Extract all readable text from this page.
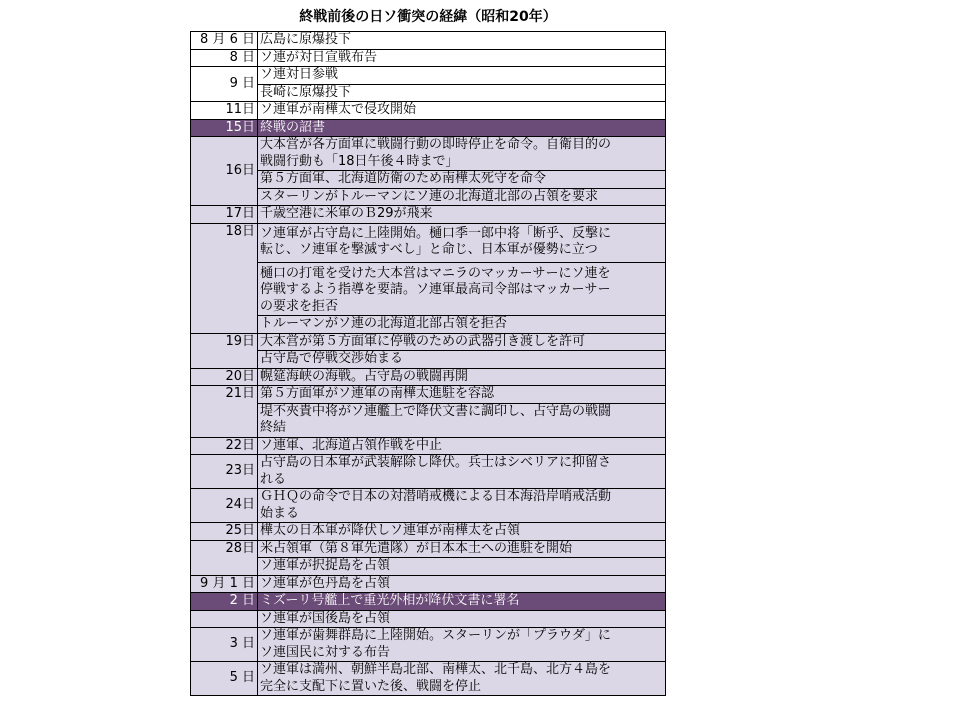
終戦前後の日ソ衝突の経緯（昭和20年）
8 月 6 日	広島に原爆投下

8 日	ソ連が対日宣戦布告

9 日	ソ連対日参戦

	長崎に原爆投下

11日	ソ連軍が南樺太で侵攻開始

15日	終戦の詔書

16日	大本営が各方面軍に戦闘行動の即時停止を命令。自衛目的の
戦闘行動も「18日午後４時まで」

	第５方面軍、北海道防衛のため南樺太死守を命令

	スターリンがトルーマンにソ連の北海道北部の占領を要求

17日	千歳空港に米軍のＢ29が飛来

18日	ソ連軍が占守島に上陸開始。樋口季一郎中将「断乎、反撃に
転じ、ソ連軍を撃滅すべし」と命じ、日本軍が優勢に立つ

	樋口の打電を受けた大本営はマニラのマッカーサーにソ連を
停戦するよう指導を要請。ソ連軍最高司令部はマッカーサー
の要求を拒否

	トルーマンがソ連の北海道北部占領を拒否

19日	大本営が第５方面軍に停戦のための武器引き渡しを許可

	占守島で停戦交渉始まる

20日	幌筵海峡の海戦。占守島の戦闘再開

21日	第５方面軍がソ連軍の南樺太進駐を容認

	堤不夾貴中将がソ連艦上で降伏文書に調印し、占守島の戦闘
終結

22日	ソ連軍、北海道占領作戦を中止

23日	占守島の日本軍が武装解除し降伏。兵士はシベリアに抑留さ
れる

24日	ＧＨＱの命令で日本の対潜哨戒機による日本海沿岸哨戒活動
始まる

25日	樺太の日本軍が降伏しソ連軍が南樺太を占領

28日	米占領軍（第８軍先遣隊）が日本本土への進駐を開始

	ソ連軍が択捉島を占領

9 月 1 日	ソ連軍が色丹島を占領

2 日	ミズーリ号艦上で重光外相が降伏文書に署名

	ソ連軍が国後島を占領

3 日	ソ連軍が歯舞群島に上陸開始。スターリンが「プラウダ」に
ソ連国民に対する布告

5 日	ソ連軍は満州、朝鮮半島北部、南樺太、北千島、北方４島を
完全に支配下に置いた後、戦闘を停止
